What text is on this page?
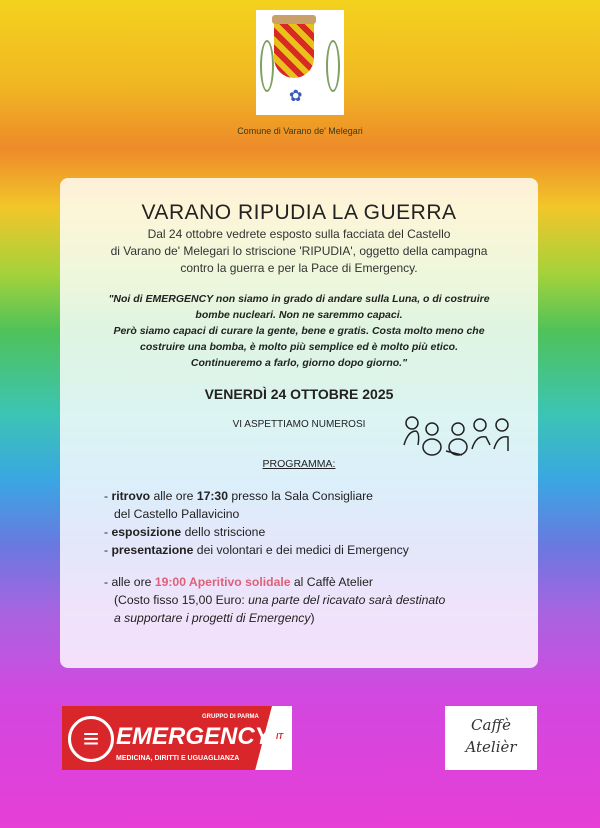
✿
Comune di Varano de' Melegari
VARANO RIPUDIA LA GUERRA
Dal 24 ottobre vedrete esposto sulla facciata del Castello
di Varano de' Melegari lo striscione 'RIPUDIA', oggetto della campagna
contro la guerra e per la Pace di Emergency.
"Noi di EMERGENCY non siamo in grado di andare sulla Luna, o di costruire
bombe nucleari. Non ne saremmo capaci.
Però siamo capaci di curare la gente, bene e gratis. Costa molto meno che
costruire una bomba, è molto più semplice ed è molto più etico.
Continueremo a farlo, giorno dopo giorno."
VENERDÌ 24 OTTOBRE 2025
VI ASPETTIAMO NUMEROSI
PROGRAMMA:
- ritrovo alle ore 17:30 presso la Sala Consigliare
del Castello Pallavicino
- esposizione dello striscione
- presentazione dei volontari e dei medici di Emergency
- alle ore 19:00 Aperitivo solidale al Caffè Atelier
(Costo fisso 15,00 Euro: una parte del ricavato sarà destinato
a supportare i progetti di Emergency)
≡
GRUPPO DI PARMA
EMERGENCY
MEDICINA, DIRITTI E UGUAGLIANZA
IT
Caffè
Atelièr
